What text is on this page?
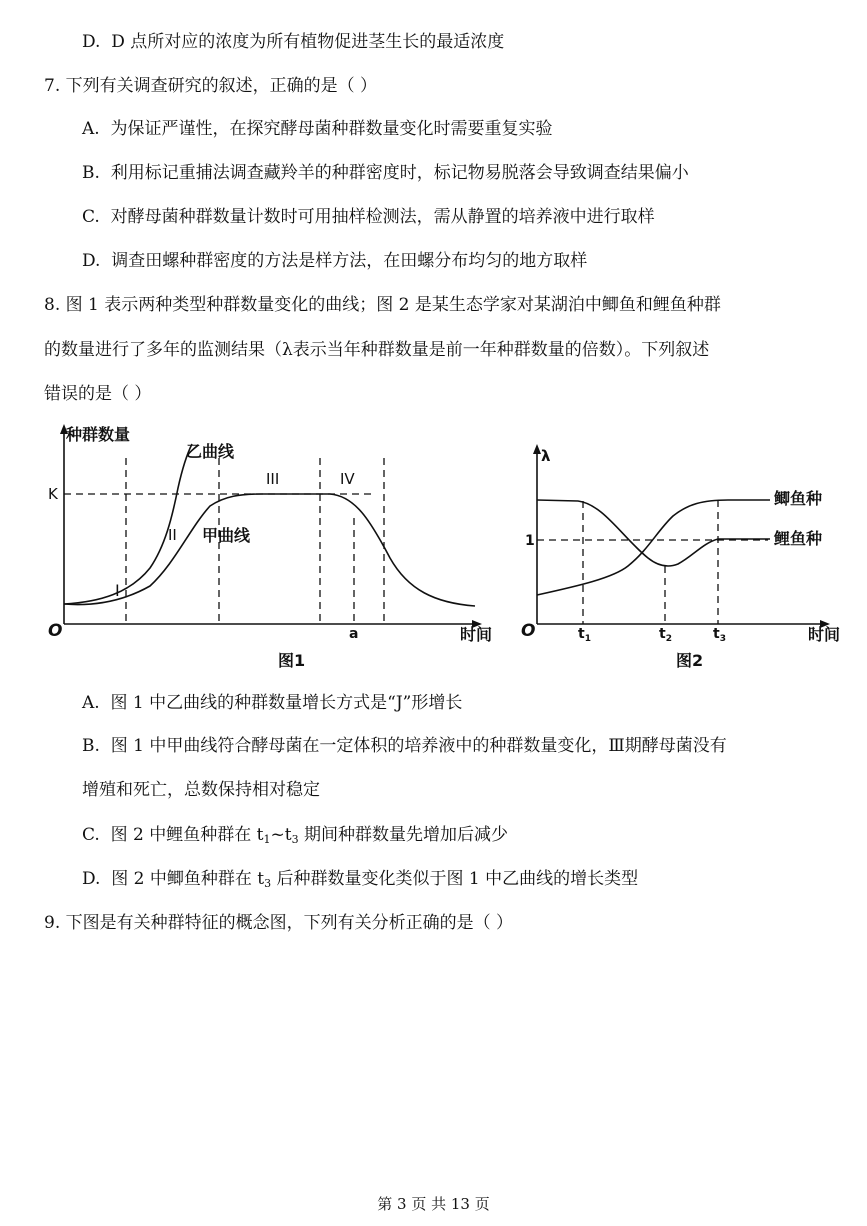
D. D 点所对应的浓度为所有植物促进茎生长的最适浓度
7. 下列有关调查研究的叙述，正确的是（ ）
A. 为保证严谨性，在探究酵母菌种群数量变化时需要重复实验
B. 利用标记重捕法调查藏羚羊的种群密度时，标记物易脱落会导致调查结果偏小
C. 对酵母菌种群数量计数时可用抽样检测法，需从静置的培养液中进行取样
D. 调查田螺种群密度的方法是样方法，在田螺分布均匀的地方取样
8. 图 1 表示两种类型种群数量变化的曲线；图 2 是某生态学家对某湖泊中鲫鱼和鲤鱼种群
的数量进行了多年的监测结果（λ表示当年种群数量是前一年种群数量的倍数）。下列叙述
错误的是（ ）
种群数量
K
乙曲线
甲曲线
I
II
III	IV
O	a	时间
图1
λ
1
O	$t_1$	$t_2$	$t_3$	时间
鲫鱼种
鲤鱼种
图2
A. 图 1 中乙曲线的种群数量增长方式是“J”形增长
B. 图 1 中甲曲线符合酵母菌在一定体积的培养液中的种群数量变化，Ⅲ期酵母菌没有
增殖和死亡，总数保持相对稳定
C. 图 2 中鲤鱼种群在 $t_1\sim t_3$ 期间种群数量先增加后减少
D. 图 2 中鲫鱼种群在 $t_3$ 后种群数量变化类似于图 1 中乙曲线的增长类型
9. 下图是有关种群特征的概念图，下列有关分析正确的是（ ）
第 3 页 共 13 页
